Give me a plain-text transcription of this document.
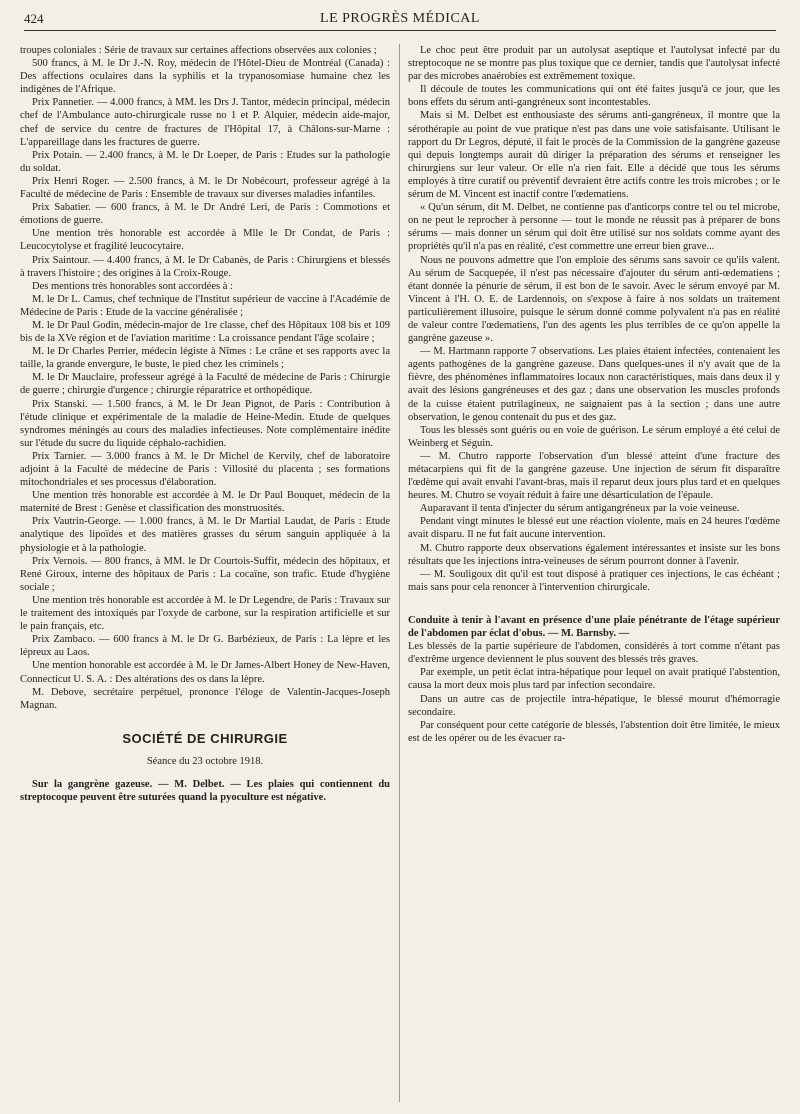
424	LE PROGRÈS MÉDICAL

troupes coloniales : Série de travaux sur certaines affections observées aux colonies ;

500 francs, à M. le Dr J.-N. Roy, médecin de l'Hôtel-Dieu de Montréal (Canada) : Des affections oculaires dans la syphilis et la trypanosomiase humaine chez les indigènes de l'Afrique.

Prix Pannetier. — 4.000 francs, à MM. les Drs J. Tantor, médecin principal, médecin chef de l'Ambulance auto-chirurgicale russe no 1 et P. Alquier, médecin aide-major, chef de service du centre de fractures de l'Hôpital 17, à Châlons-sur-Marne : L'appareillage dans les fractures de guerre.

Prix Potain. — 2.400 francs, à M. le Dr Loeper, de Paris : Etudes sur la pathologie du soldat.

Prix Henri Roger. — 2.500 francs, à M. le Dr Nobécourt, professeur agrégé à la Faculté de médecine de Paris : Ensemble de travaux sur diverses maladies infantiles.

Prix Sabatier. — 600 francs, à M. le Dr André Leri, de Paris : Commotions et émotions de guerre.

Une mention très honorable est accordée à Mlle le Dr Condat, de Paris : Leucocytolyse et fragilité leucocytaire.

Prix Saintour. — 4.400 francs, à M. le Dr Cabanès, de Paris : Chirurgiens et blessés à travers l'histoire ; des origines à la Croix-Rouge.

Des mentions très honorables sont accordées à :

M. le Dr L. Camus, chef technique de l'Institut supérieur de vaccine à l'Académie de Médecine de Paris : Etude de la vaccine généralisée ;

M. le Dr Paul Godin, médecin-major de 1re classe, chef des Hôpitaux 108 bis et 109 bis de la XVe région et de l'aviation maritime : La croissance pendant l'âge scolaire ;

M. le Dr Charles Perrier, médecin légiste à Nîmes : Le crâne et ses rapports avec la taille, la grande envergure, le buste, le pied chez les criminels ;

M. le Dr Mauclaire, professeur agrégé à la Faculté de médecine de Paris : Chirurgie de guerre ; chirurgie d'urgence ; chirurgie réparatrice et orthopédique.

Prix Stanski. — 1.500 francs, à M. le Dr Jean Pignot, de Paris : Contribution à l'étude clinique et expérimentale de la maladie de Heine-Medin. Etude de quelques syndromes méningés au cours des maladies infectieuses. Note complémentaire inédite sur l'étude du sucre du liquide céphalo-rachidien.

Prix Tarnier. — 3.000 francs à M. le Dr Michel de Kervily, chef de laboratoire adjoint à la Faculté de médecine de Paris : Villosité du placenta ; ses formations mitochondriales et ses processus d'élaboration.

Une mention très honorable est accordée à M. le Dr Paul Bouquet, médecin de la maternité de Brest : Genèse et classification des monstruosités.

Prix Vautrin-George. — 1.000 francs, à M. le Dr Martial Laudat, de Paris : Etude analytique des lipoïdes et des matières grasses du sérum sanguin appliquée à la physiologie et à la pathologie.

Prix Vernois. — 800 francs, à MM. le Dr Courtois-Suffit, médecin des hôpitaux, et René Giroux, interne des hôpitaux de Paris : La cocaïne, son trafic. Etude d'hygiène sociale ;

Une mention très honorable est accordée à M. le Dr Legendre, de Paris : Travaux sur le traitement des intoxiqués par l'oxyde de carbone, sur la respiration artificielle et sur le pain français, etc.

Prix Zambaco. — 600 francs à M. le Dr G. Barbézieux, de Paris : La lèpre et les lépreux au Laos.

Une mention honorable est accordée à M. le Dr James-Albert Honey de New-Haven, Connecticut U. S. A. : Des altérations des os dans la lèpre.

M. Debove, secrétaire perpétuel, prononce l'éloge de Valentin-Jacques-Joseph Magnan.

SOCIÉTÉ DE CHIRURGIE

Séance du 23 octobre 1918.

Sur la gangrène gazeuse. — M. Delbet. — Les plaies qui contiennent du streptocoque peuvent être suturées quand la pyoculture est négative.

Le choc peut être produit par un autolysat aseptique et l'autolysat infecté par du streptocoque ne se montre pas plus toxique que ce dernier, tandis que l'autolysat infecté par des microbes anaérobies est extrêmement toxique.

Il découle de toutes les communications qui ont été faites jusqu'à ce jour, que les bons effets du sérum anti-gangréneux sont incontestables.

Mais si M. Delbet est enthousiaste des sérums anti-gangréneux, il montre que la sérothérapie au point de vue pratique n'est pas dans une voie satisfaisante. Utilisant le rapport du Dr Legros, député, il fait le procès de la Commission de la gangrène gazeuse qui depuis longtemps aurait dû diriger la préparation des sérums et renseigner les chirurgiens sur leur valeur. Or elle n'a rien fait. Elle a décidé que tous les sérums employés à titre curatif ou préventif devraient être actifs contre les trois microbes ; or le sérum de M. Vincent est inactif contre l'œdematiens.

« Qu'un sérum, dit M. Delbet, ne contienne pas d'anticorps contre tel ou tel microbe, on ne peut le reprocher à personne — tout le monde ne réussit pas à préparer de bons sérums — mais donner un sérum qui doit être utilisé sur nos soldats comme ayant des propriétés qu'il n'a pas en réalité, c'est commettre une erreur bien grave...

Nous ne pouvons admettre que l'on emploie des sérums sans savoir ce qu'ils valent. Au sérum de Sacquepée, il n'est pas nécessaire d'ajouter du sérum anti-œdematiens ; étant donnée la pénurie de sérum, il est bon de le savoir. Avec le sérum envoyé par M. Vincent à l'H. O. E. de Lardennois, on s'expose à faire à nos soldats un traitement particulièrement illusoire, puisque le sérum donné comme polyvalent n'a pas en réalité de valeur contre l'œdematiens, l'un des agents les plus terribles de ce qu'on appelle la gangrène gazeuse ».

— M. Hartmann rapporte 7 observations. Les plaies étaient infectées, contenaient les agents pathogènes de la gangrène gazeuse. Dans quelques-unes il n'y avait que de la fièvre, des phénomènes inflammatoires locaux non caractéristiques, mais dans deux il y avait des lésions gangréneuses et des gaz ; dans une observation les muscles profonds de la cuisse étaient putrilagineux, ne saignaient pas à la section ; dans une autre observation, le genou contenait du pus et des gaz.

Tous les blessés sont guéris ou en voie de guérison. Le sérum employé a été celui de Weinberg et Séguin.

— M. Chutro rapporte l'observation d'un blessé atteint d'une fracture des métacarpiens qui fit de la gangrène gazeuse. Une injection de sérum fit disparaître l'œdème qui avait envahi l'avant-bras, mais il reparut deux jours plus tard et en quelques heures. M. Chutro se voyait réduit à faire une désarticulation de l'épaule.

Auparavant il tenta d'injecter du sérum antigangréneux par la voie veineuse.

Pendant vingt minutes le blessé eut une réaction violente, mais en 24 heures l'œdème avait disparu. Il ne fut fait aucune intervention.

M. Chutro rapporte deux observations également intéressantes et insiste sur les bons résultats que les injections intra-veineuses de sérum pourront donner à l'avenir.

— M. Souligoux dit qu'il est tout disposé à pratiquer ces injections, le cas échéant ; mais sans pour cela renoncer à l'intervention chirurgicale.

Conduite à tenir à l'avant en présence d'une plaie pénétrante de l'étage supérieur de l'abdomen par éclat d'obus. — M. Barnsby. —

Les blessés de la partie supérieure de l'abdomen, considérés à tort comme n'étant pas d'extrême urgence deviennent le plus souvent des blessés très graves.

Par exemple, un petit éclat intra-hépatique pour lequel on avait pratiqué l'abstention, causa la mort deux mois plus tard par infection secondaire.

Dans un autre cas de projectile intra-hépatique, le blessé mourut d'hémorragie secondaire.

Par conséquent pour cette catégorie de blessés, l'abstention doit être limitée, le mieux est de les opérer ou de les évacuer ra-
